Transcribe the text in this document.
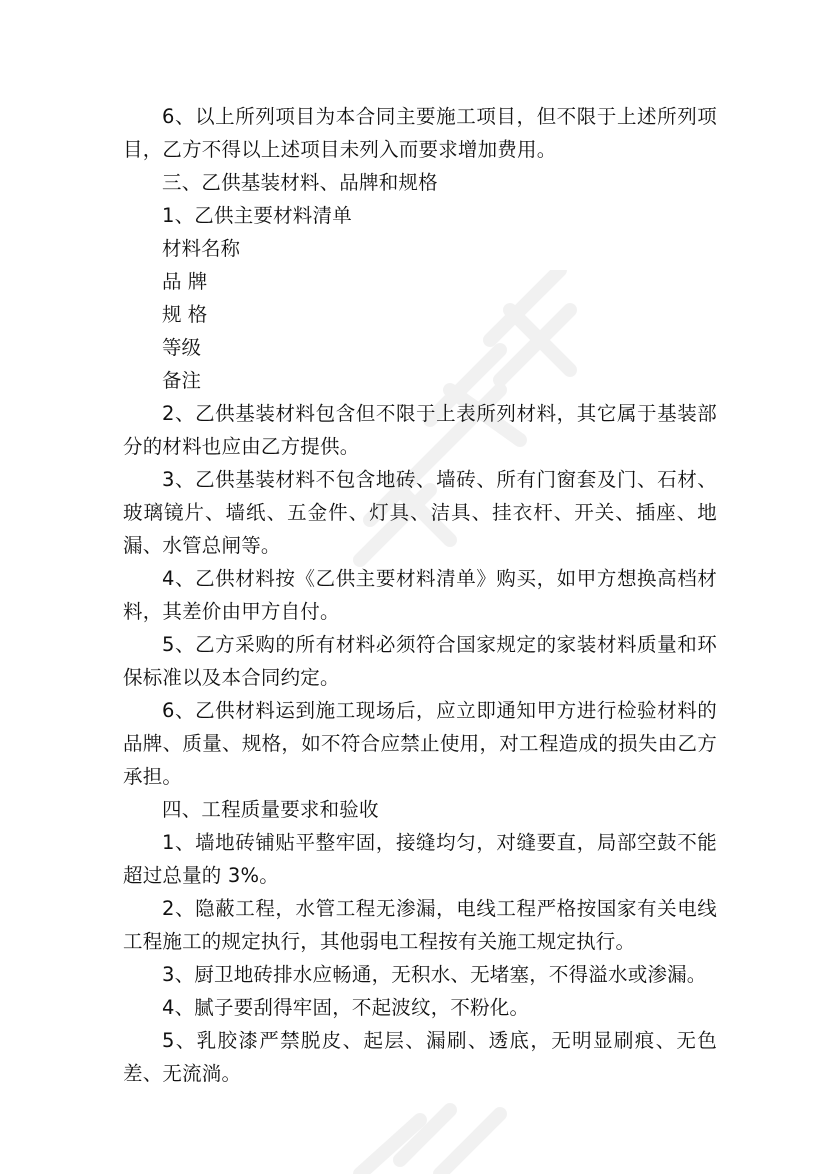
6、以上所列项目为本合同主要施工项目，但不限于上述所列项目，乙方不得以上述项目未列入而要求增加费用。

三、乙供基装材料、品牌和规格

1、乙供主要材料清单

材料名称

品 牌

规 格

等级

备注

2、乙供基装材料包含但不限于上表所列材料，其它属于基装部分的材料也应由乙方提供。

3、乙供基装材料不包含地砖、墙砖、所有门窗套及门、石材、玻璃镜片、墙纸、五金件、灯具、洁具、挂衣杆、开关、插座、地漏、水管总闸等。

4、乙供材料按《乙供主要材料清单》购买，如甲方想换高档材料，其差价由甲方自付。

5、乙方采购的所有材料必须符合国家规定的家装材料质量和环保标准以及本合同约定。

6、乙供材料运到施工现场后，应立即通知甲方进行检验材料的品牌、质量、规格，如不符合应禁止使用，对工程造成的损失由乙方承担。

四、工程质量要求和验收

1、墙地砖铺贴平整牢固，接缝均匀，对缝要直，局部空鼓不能超过总量的 3%。

2、隐蔽工程，水管工程无渗漏，电线工程严格按国家有关电线工程施工的规定执行，其他弱电工程按有关施工规定执行。

3、厨卫地砖排水应畅通，无积水、无堵塞，不得溢水或渗漏。

4、腻子要刮得牢固，不起波纹，不粉化。

5、乳胶漆严禁脱皮、起层、漏刷、透底，无明显刷痕、无色差、无流淌。
